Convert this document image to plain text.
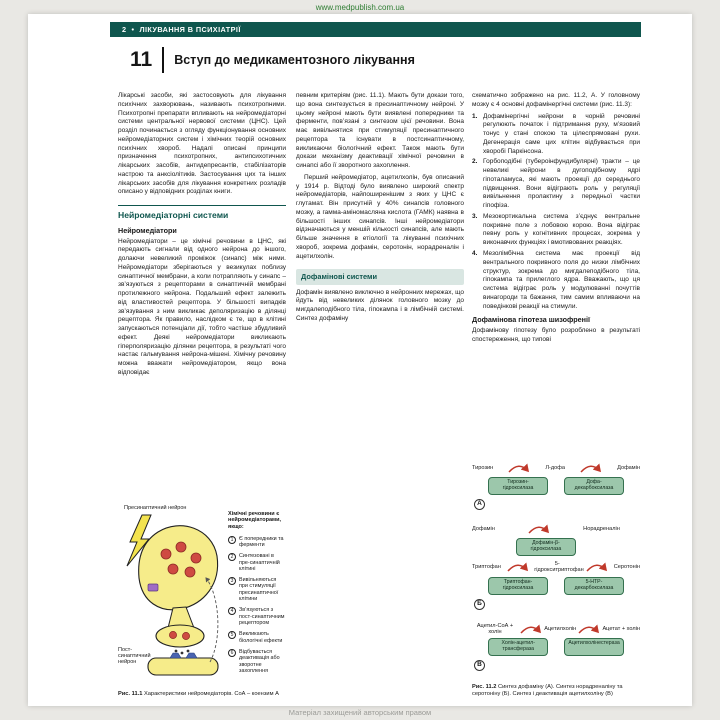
www.medpublish.com.ua
2 • ЛІКУВАННЯ В ПСИХІАТРІЇ
11 Вступ до медикаментозного лікування
Лікарські засоби, які застосовують для лікування психічних захворювань, називають психотропними. Психотропні препарати впливають на нейромедіаторні системи центральної нервової системи (ЦНС). Цей розділ починається з огляду функціонування основних нейромедіаторних систем і хімічних теорій основних психічних хвороб. Надалі описані принципи призначення психотропних, антипсихотичних лікарських засобів, антидепресантів, стабілізаторів настрою та анксіолітиків. Застосування цих та інших лікарських засобів для лікування конкретних розладів описано у відповідних розділах книги.
Нейромедіаторні системи
Нейромедіатори
Нейромедіатори – це хімічні речовини в ЦНС, які передають сигнали від одного нейрона до іншого, долаючи невеликий проміжок (синапс) між ними. Нейромедіатори зберігаються у везикулах поблизу синаптичної мембрани, а коли потрапляють у синапс – зв’язуються з рецепторами в синаптичній мембрані протилежного нейрона. Подальший ефект залежить від властивостей рецептора. У більшості випадків зв’язування з ним викликає деполяризацію в ділянці рецептора. Як правило, наслідком є те, що в клітині запускаються потенціали дії, тобто частіше збудливий ефект. Деякі нейромедіатори викликають гіперполяризацію ділянки рецептора, в результаті чого настає гальмування нейрона-мішені. Хімічну речовину можна вважати нейромедіатором, якщо вона відповідає
Пресинаптичний нейрон
Пост- синаптичний нейрон
Хімічні речовини є нейромедіаторами, якщо:
1	Є попередники та ферменти
2	Синтезовані в пре-синаптичній клітині
3	Вивільняються при стимуляції пресинаптичної клітини
4	Зв’язуються з пост-синаптичним рецептором
5	Викликають біологічні ефекти
6	Відбувається деактивація або зворотне захоплення
Рис. 11.1 Характеристики нейромедіаторів. СоА – коензим А
певним критеріям (рис. 11.1). Мають бути докази того, що вона синтезується в пресинаптичному нейроні. У цьому нейроні мають бути виявлені попередники та ферменти, пов’язані з синтезом цієї речовини. Вона має вивільнятися при стимуляції пресинаптичного рецептора та існувати в постсинаптичному, викликаючи біологічний ефект. Також мають бути докази механізму деактивації хімічної речовини в синапсі або її зворотного захоплення.
Перший нейромедіатор, ацетилхолін, був описаний у 1914 р. Відтоді було виявлено широкий спектр нейромедіаторів, найпоширенішим з яких у ЦНС є глутамат. Він присутній у 40% синапсів головного мозку, а гамма-аміномасляна кислота (ГАМК) наявна в більшості інших синапсів. Інші нейромедіатори відзначаються у меншій кількості синапсів, але мають більше значення в етіології та лікуванні психічних хвороб, зокрема дофамін, серотонін, норадреналін і ацетилхолін.
Дофамінові системи
Дофамін виявлено виключно в нейронних мережах, що йдуть від невеликих ділянок головного мозку до мигдалеподібного тіла, гіпокампа і в лімбічній системі. Синтез дофаміну
схематично зображено на рис. 11.2, А. У головному мозку є 4 основні дофамінергічні системи (рис. 11.3):
1. Дофамінергічні нейрони в чорній речовині регулюють початок і підтримання руху, м’язовий тонус у стані спокою та цілеспрямовані рухи. Дегенерація саме цих клітин відбувається при хворобі Паркінсона.
2. Горбоподібні (тубероінфундибулярні) тракти – це невеликі нейрони в дугоподібному ядрі гіпоталамуса, які мають проекції до середнього підвищення. Вони відіграють роль у регуляції вивільнення пролактину з передньої частки гіпофіза.
3. Мезокортикальна система з’єднує вентральне покривне поле з лобовою корою. Вона відіграє певну роль у когнітивних процесах, зокрема у виконавчих функціях і вмотивованих реакціях.
4. Мезолімбічна система має проекції від вентрального покривного поля до низки лімбічних структур, зокрема до мигдалеподібного тіла, гіпокампа та прилеглого ядра. Вважають, що ця система відіграє роль у модулюванні почуттів винагороди та бажання, тим самим впливаючи на поведінкові реакції на стимули.
Дофамінова гіпотеза шизофренії
Дофамінову гіпотезу було розроблено в результаті спостереження, що типові
Тирозин	Л-дофа	Дофамін
Тирозин-гідроксилаза
Дофа-декарбоксилаза
А
Дофамін	Норадреналін
Дофамін-β-гідроксилаза
Триптофан
5-гідрокситриптофан
Серотонін
Триптофан-гідроксилаза
5-НТР-декарбоксилаза
Б
Ацетил-СоА + холін
Ацетилхолін	Ацетат + холін
Холін-ацетил-трансфераза
Ацетилхолінестераза
В
Рис. 11.2 Синтез дофаміну (А). Синтез норадреналіну та серотоніну (Б). Синтез і деактивація ацетилхоліну (В)
Матеріал захищений авторським правом
